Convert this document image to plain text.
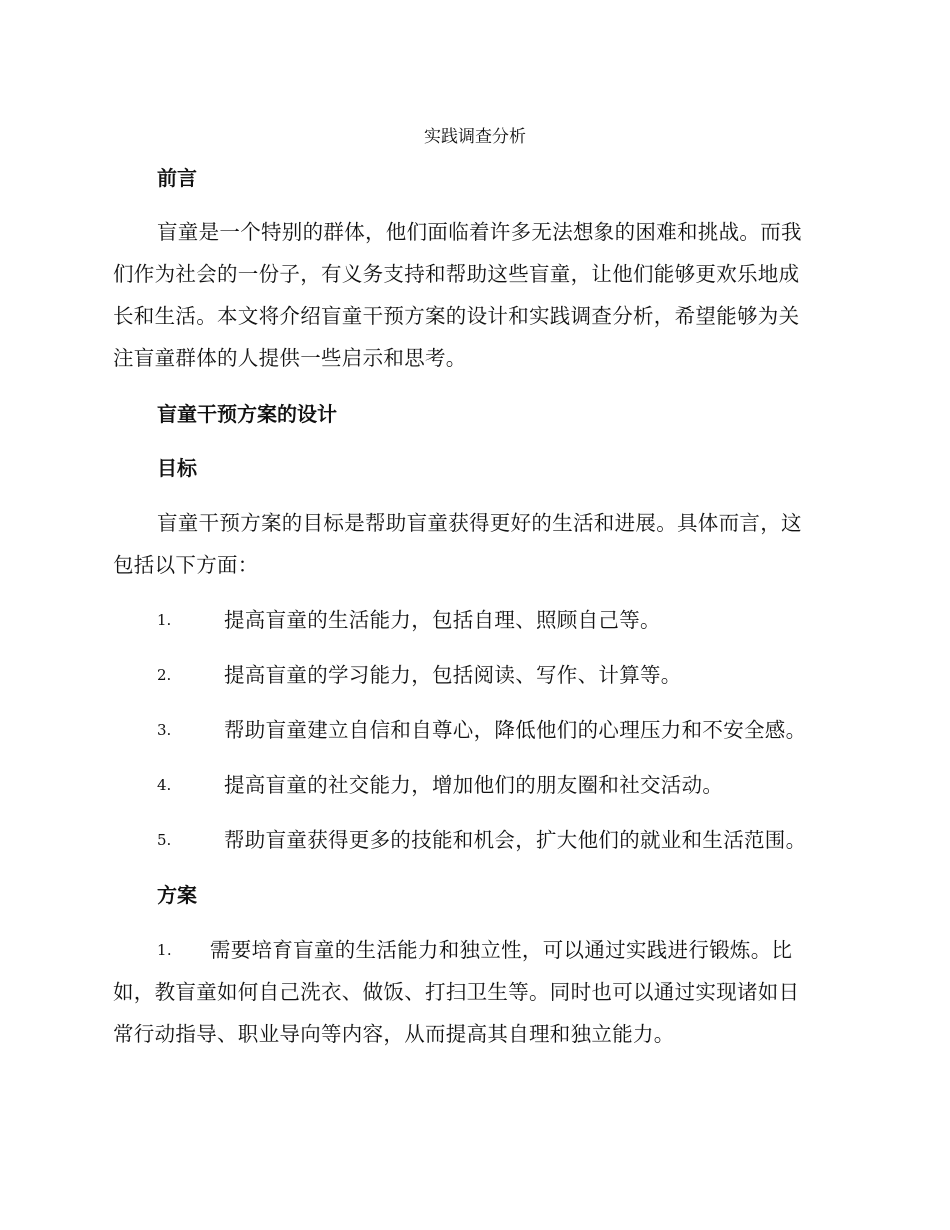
实践调查分析
前言
盲童是一个特别的群体，他们面临着许多无法想象的困难和挑战。而我
们作为社会的一份子，有义务支持和帮助这些盲童，让他们能够更欢乐地成
长和生活。本文将介绍盲童干预方案的设计和实践调查分析，希望能够为关
注盲童群体的人提供一些启示和思考。
盲童干预方案的设计
目标
盲童干预方案的目标是帮助盲童获得更好的生活和进展。具体而言，这
包括以下方面：
1.	提高盲童的生活能力，包括自理、照顾自己等。
2.	提高盲童的学习能力，包括阅读、写作、计算等。
3.	帮助盲童建立自信和自尊心，降低他们的心理压力和不安全感。
4.	提高盲童的社交能力，增加他们的朋友圈和社交活动。
5.	帮助盲童获得更多的技能和机会，扩大他们的就业和生活范围。
方案
1. 需要培育盲童的生活能力和独立性，可以通过实践进行锻炼。比
如，教盲童如何自己洗衣、做饭、打扫卫生等。同时也可以通过实现诸如日
常行动指导、职业导向等内容，从而提高其自理和独立能力。
